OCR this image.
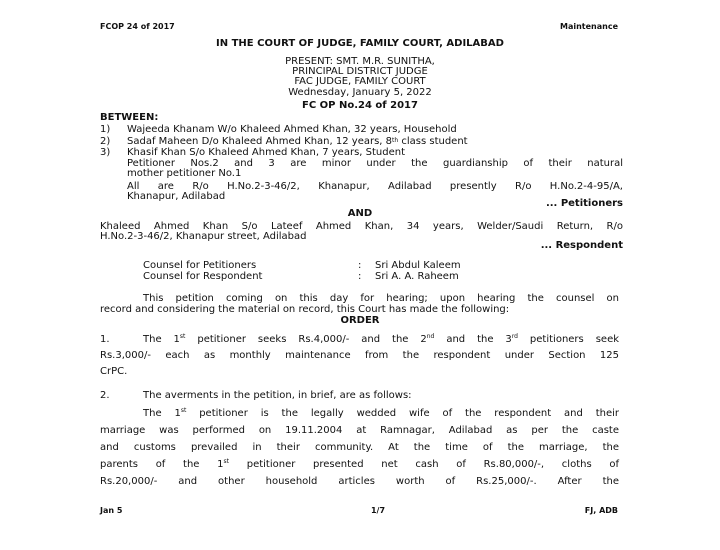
FCOP 24 of 2017	Maintenance
IN THE COURT OF JUDGE, FAMILY COURT, ADILABAD
PRESENT: SMT. M.R. SUNITHA,
PRINCIPAL DISTRICT JUDGE
FAC JUDGE, FAMILY COURT
Wednesday, January 5, 2022
FC OP No.24 of 2017
BETWEEN:
1) Wajeeda Khanam W/o Khaleed Ahmed Khan, 32 years, Household
2) Sadaf Maheen D/o Khaleed Ahmed Khan, 12 years, 8th class student
3) Khasif Khan S/o Khaleed Ahmed Khan, 7 years, Student
Petitioner Nos.2 and 3 are minor under the guardianship of their natural
mother petitioner No.1
All are R/o H.No.2-3-46/2, Khanapur, Adilabad presently R/o H.No.2-4-95/A,
Khanapur, Adilabad
... Petitioners
AND
Khaleed Ahmed Khan S/o Lateef Ahmed Khan, 34 years, Welder/Saudi Return, R/o
H.No.2-3-46/2, Khanapur street, Adilabad
... Respondent
Counsel for Petitioners	: Sri Abdul Kaleem
Counsel for Respondent	: Sri A. A. Raheem
This petition coming on this day for hearing; upon hearing the counsel on
record and considering the material on record, this Court has made the following:
ORDER
1.	The 1st petitioner seeks Rs.4,000/- and the 2nd and the 3rd petitioners seek
Rs.3,000/- each as monthly maintenance from the respondent under Section 125
CrPC.
2.	The averments in the petition, in brief, are as follows:
The 1st petitioner is the legally wedded wife of the respondent and their
marriage was performed on 19.11.2004 at Ramnagar, Adilabad as per the caste
and customs prevailed in their community. At the time of the marriage, the
parents of the 1st petitioner presented net cash of Rs.80,000/-, cloths of
Rs.20,000/- and other household articles worth of Rs.25,000/-. After the
Jan 5	1/7	FJ, ADB
